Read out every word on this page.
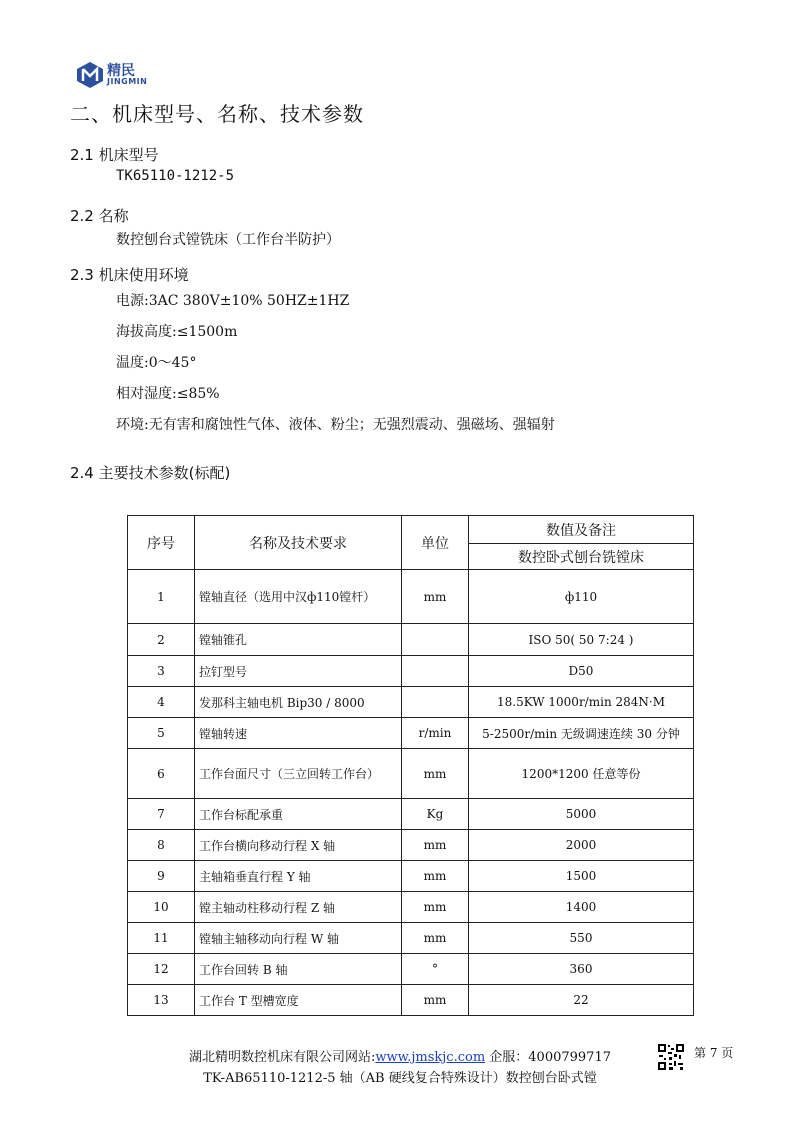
精民
JINGMIN
二、机床型号、名称、技术参数
2.1 机床型号
TK65110-1212-5
2.2 名称
数控刨台式镗铣床（工作台半防护）
2.3 机床使用环境
电源:3AC 380V±10% 50HZ±1HZ
海拔高度:≤1500m
温度:0～45°
相对湿度:≤85%
环境:无有害和腐蚀性气体、液体、粉尘；无强烈震动、强磁场、强辐射
2.4 主要技术参数(标配)
序号	名称及技术要求	单位	数值及备注
			数控卧式刨台铣镗床
1	镗轴直径（选用中汉ф110镗杆）	mm	ф110
2	镗轴锥孔		ISO 50( 50 7:24 )
3	拉钉型号		D50
4	发那科主轴电机 Bip30 / 8000		18.5KW 1000r/min 284N·M
5	镗轴转速	r/min	5-2500r/min 无级调速连续 30 分钟
6	工作台面尺寸（三立回转工作台）	mm	1200*1200 任意等份
7	工作台标配承重	Kg	5000
8	工作台横向移动行程 X 轴	mm	2000
9	主轴箱垂直行程 Y 轴	mm	1500
10	镗主轴动柱移动行程 Z 轴	mm	1400
11	镗轴主轴移动向行程 W 轴	mm	550
12	工作台回转 B 轴	°	360
13	工作台 T 型槽宽度	mm	22
湖北精明数控机床有限公司网站:www.jmskjc.com 企服：4000799717
TK-AB65110-1212-5 轴（AB 硬线复合特殊设计）数控刨台卧式镗
第 7 页
